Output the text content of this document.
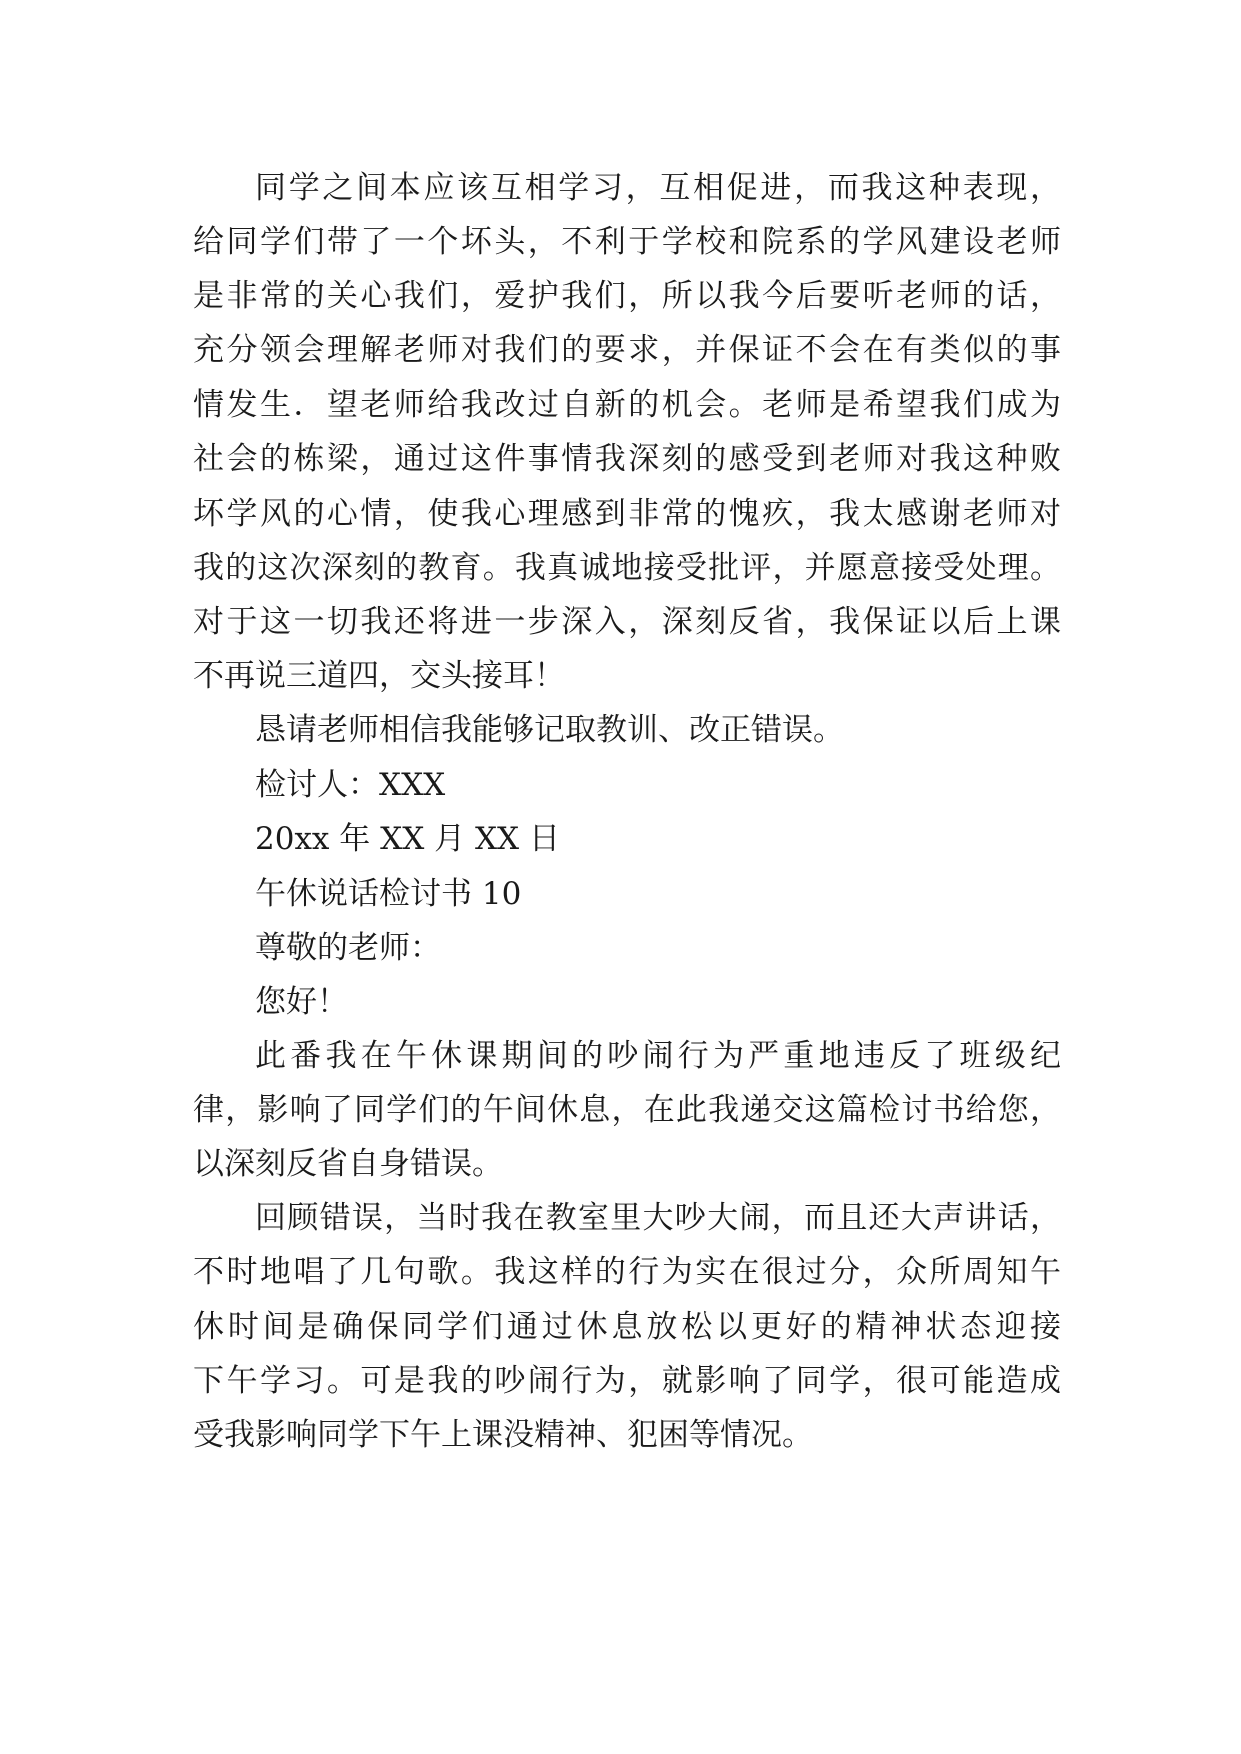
同学之间本应该互相学习，互相促进，而我这种表现，
给同学们带了一个坏头，不利于学校和院系的学风建设老师
是非常的关心我们，爱护我们，所以我今后要听老师的话，
充分领会理解老师对我们的要求，并保证不会在有类似的事
情发生．望老师给我改过自新的机会。老师是希望我们成为
社会的栋梁，通过这件事情我深刻的感受到老师对我这种败
坏学风的心情，使我心理感到非常的愧疚，我太感谢老师对
我的这次深刻的教育。我真诚地接受批评，并愿意接受处理。
对于这一切我还将进一步深入，深刻反省，我保证以后上课
不再说三道四，交头接耳！
恳请老师相信我能够记取教训、改正错误。
检讨人：XXX
20xx 年 XX 月 XX 日
午休说话检讨书 10
尊敬的老师：
您好！
此番我在午休课期间的吵闹行为严重地违反了班级纪
律，影响了同学们的午间休息，在此我递交这篇检讨书给您，
以深刻反省自身错误。
回顾错误，当时我在教室里大吵大闹，而且还大声讲话，
不时地唱了几句歌。我这样的行为实在很过分，众所周知午
休时间是确保同学们通过休息放松以更好的精神状态迎接
下午学习。可是我的吵闹行为，就影响了同学，很可能造成
受我影响同学下午上课没精神、犯困等情况。
